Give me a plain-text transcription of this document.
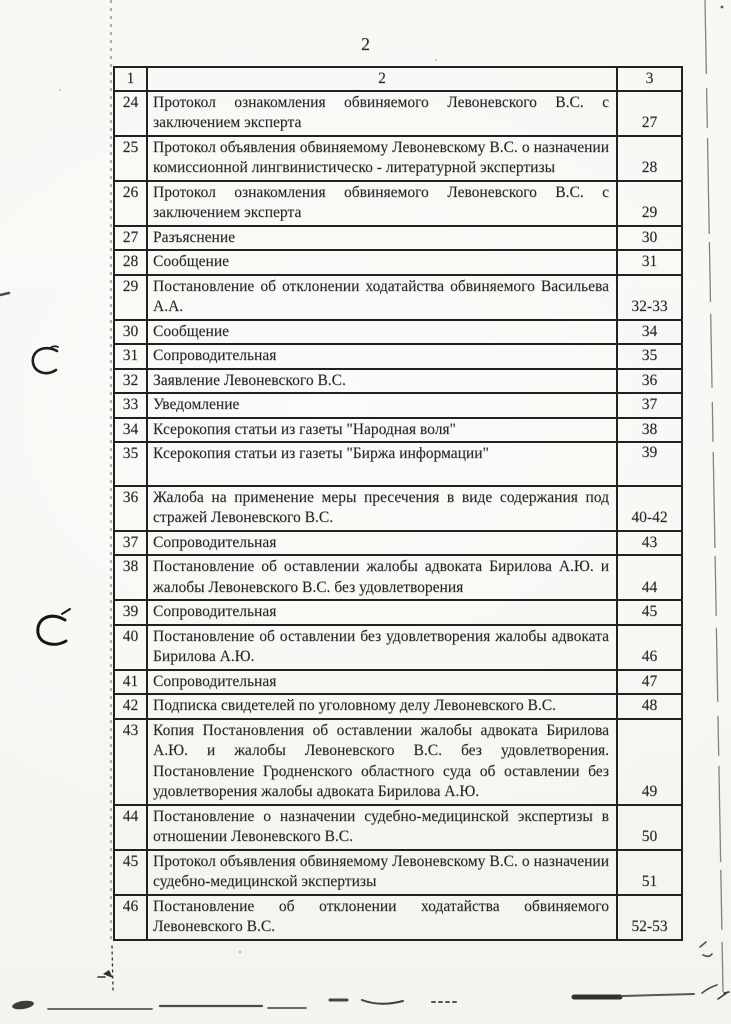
2
1	2	3
24	Протокол ознакомления обвиняемого Левоневского В.С. с заключением эксперта	27
25	Протокол объявления обвиняемому Левоневскому В.С. о назначении комиссионной лингвинистическо - литературной экспертизы	28
26	Протокол ознакомления обвиняемого Левоневского В.С. с заключением эксперта	29
27	Разъяснение	30
28	Сообщение	31
29	Постановление об отклонении ходатайства обвиняемого Васильева А.А.	32-33
30	Сообщение	34
31	Сопроводительная	35
32	Заявление Левоневского В.С.	36
33	Уведомление	37
34	Ксерокопия статьи из газеты "Народная воля"	38
35	Ксерокопия статьи из газеты "Биржа информации"	39
36	Жалоба на применение меры пресечения в виде содержания под стражей Левоневского В.С.	40-42
37	Сопроводительная	43
38	Постановление об оставлении жалобы адвоката Бирилова А.Ю. и жалобы Левоневского В.С. без удовлетворения	44
39	Сопроводительная	45
40	Постановление об оставлении без удовлетворения жалобы адвоката Бирилова А.Ю.	46
41	Сопроводительная	47
42	Подписка свидетелей по уголовному делу Левоневского В.С.	48
43	Копия Постановления об оставлении жалобы адвоката Бирилова А.Ю. и жалобы Левоневского В.С. без удовлетворения. Постановление Гродненского областного суда об оставлении без удовлетворения жалобы адвоката Бирилова А.Ю.	49
44	Постановление о назначении судебно-медицинской экспертизы в отношении Левоневского В.С.	50
45	Протокол объявления обвиняемому Левоневскому В.С. о назначении судебно-медицинской экспертизы	51
46	Постановление об отклонении ходатайства обвиняемого Левоневского В.С.	52-53
